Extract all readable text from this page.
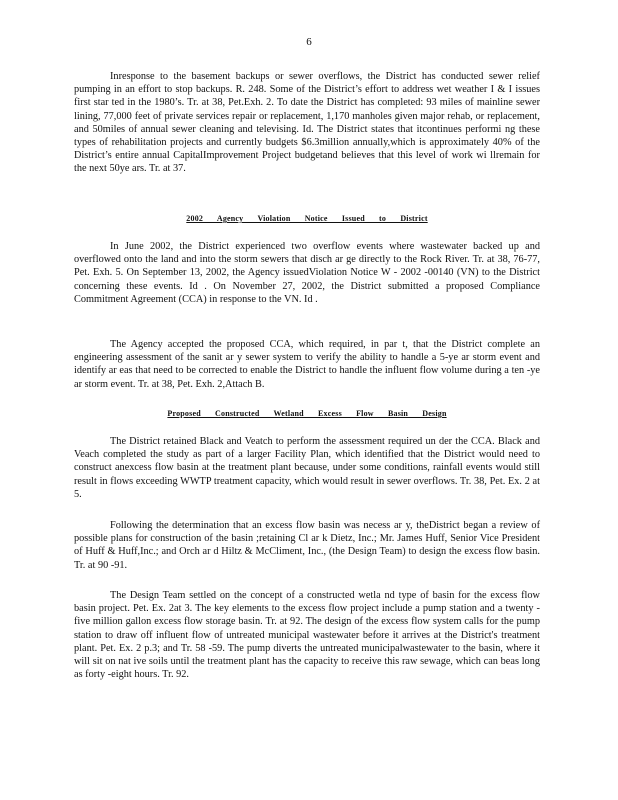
6

Inresponse to the basement backups or sewer overflows, the District has conducted sewer relief pumping in an effort to stop backups. R. 248. Some of the District’s effort to address wet weather I & I issues first star ted in the 1980’s. Tr. at 38, Pet.Exh. 2. To date the District has completed: 93 miles of mainline sewer lining, 77,000 feet of private services repair or replacement, 1,170 manholes given major rehab, or replacement, and 50miles of annual sewer cleaning and televising. Id. The District states that itcontinues performi ng these types of rehabilitation projects and currently budgets $6.3million annually,which is approximately 40% of the District’s entire annual CapitalImprovement Project budgetand believes that this level of work wi llremain for the next 50ye ars. Tr. at 37.

2002 Agency Violation Notice Issued to District

In June 2002, the District experienced two overflow events where wastewater backed up and overflowed onto the land and into the storm sewers that disch ar ge directly to the Rock River. Tr. at 38, 76-77, Pet. Exh. 5. On September 13, 2002, the Agency issuedViolation Notice W - 2002 -00140 (VN) to the District concerning these events. Id . On November 27, 2002, the District submitted a proposed Compliance Commitment Agreement (CCA) in response to the VN. Id .

The Agency accepted the proposed CCA, which required, in par t, that the District complete an engineering assessment of the sanit ar y sewer system to verify the ability to handle a 5-ye ar storm event and identify ar eas that need to be corrected to enable the District to handle the influent flow volume during a ten -ye ar storm event. Tr. at 38, Pet. Exh. 2,Attach B.

Proposed Constructed Wetland Excess Flow Basin Design

The District retained Black and Veatch to perform the assessment required un der the CCA. Black and Veach completed the study as part of a larger Facility Plan, which identified that the District would need to construct anexcess flow basin at the treatment plant because, under some conditions, rainfall events would still result in flows exceeding WWTP treatment capacity, which would result in sewer overflows. Tr. 38, Pet. Ex. 2 at 5.

Following the determination that an excess flow basin was necess ar y, theDistrict began a review of possible plans for construction of the basin ;retaining Cl ar k Dietz, Inc.; Mr. James Huff, Senior Vice President of Huff & Huff,Inc.; and Orch ar d Hiltz & McCliment, Inc., (the Design Team) to design the excess flow basin. Tr. at 90 -91.

The Design Team settled on the concept of a constructed wetla nd type of basin for the excess flow basin project. Pet. Ex. 2at 3. The key elements to the excess flow project include a pump station and a twenty -five million gallon excess flow storage basin. Tr. at 92. The design of the excess flow system calls for the pump station to draw off influent flow of untreated municipal wastewater before it arrives at the District's treatment plant. Pet. Ex. 2 p.3; and Tr. 58 -59. The pump diverts the untreated municipalwastewater to the basin, where it will sit on nat ive soils until the treatment plant has the capacity to receive this raw sewage, which can beas long as forty -eight hours. Tr. 92.
